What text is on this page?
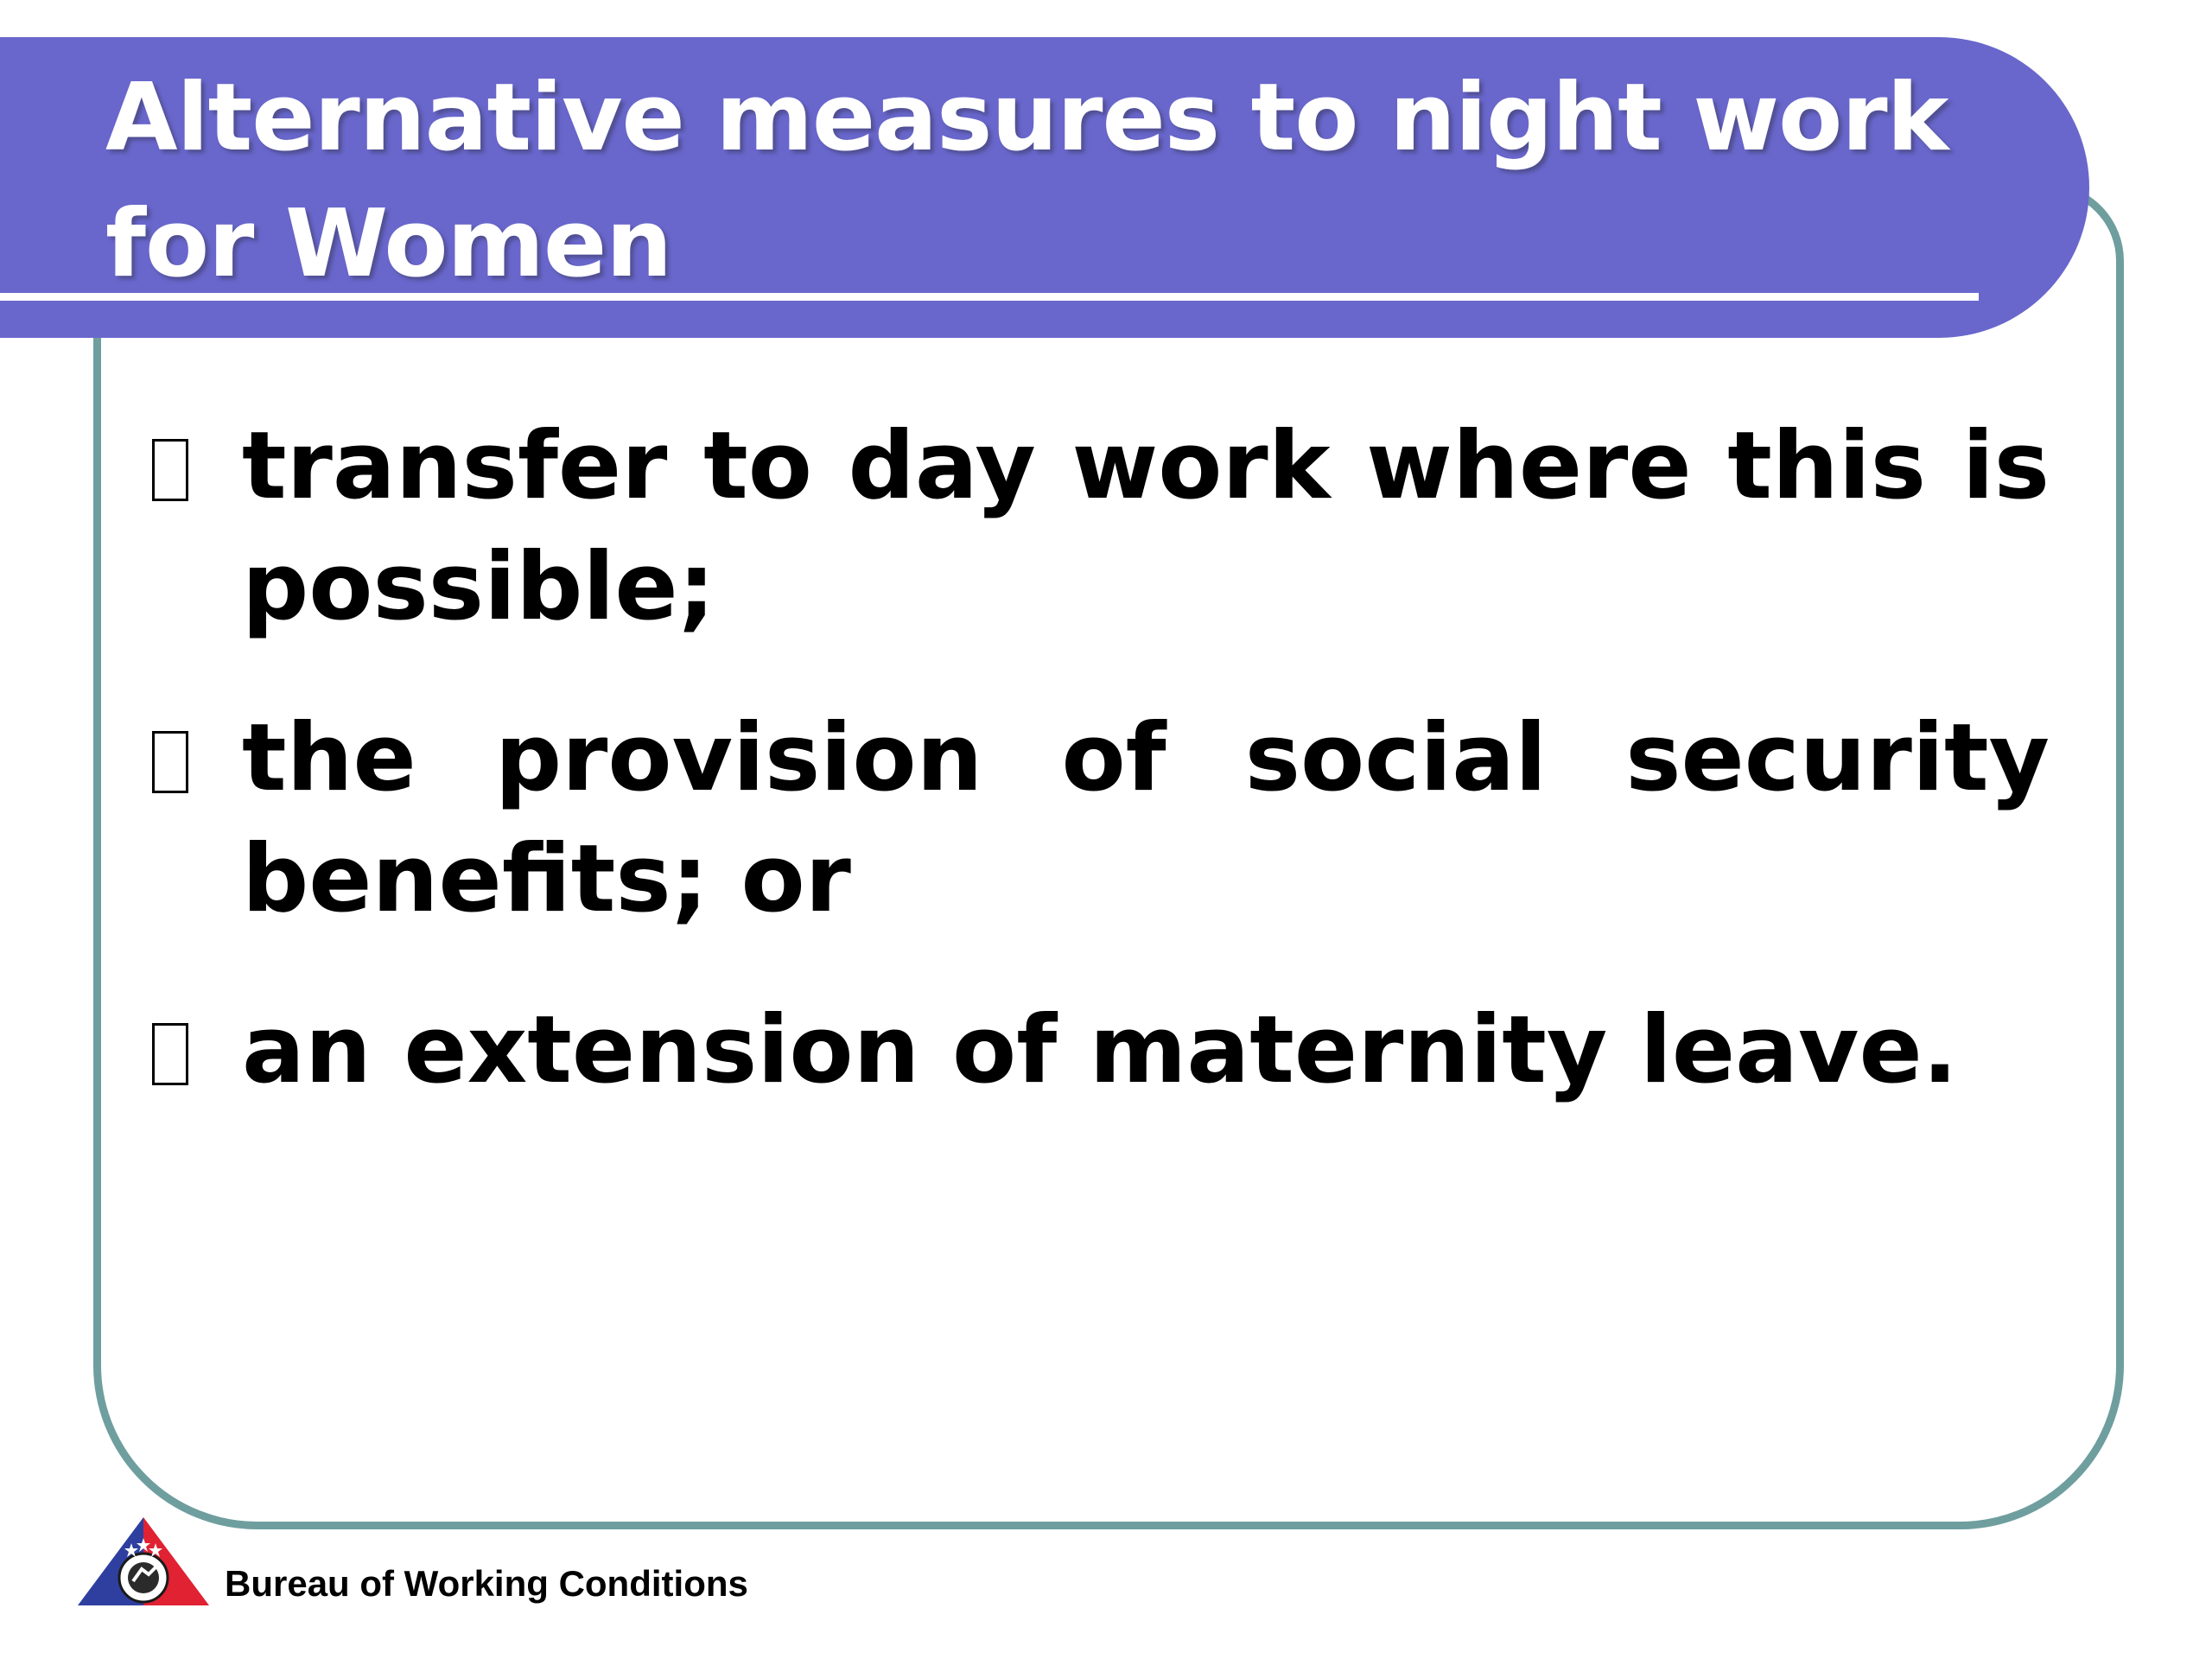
Alternative measures to night work for Women
transfer to day work where this is possible;
the provision of social security benefits; or
an extension of maternity leave.
Bureau of Working Conditions
